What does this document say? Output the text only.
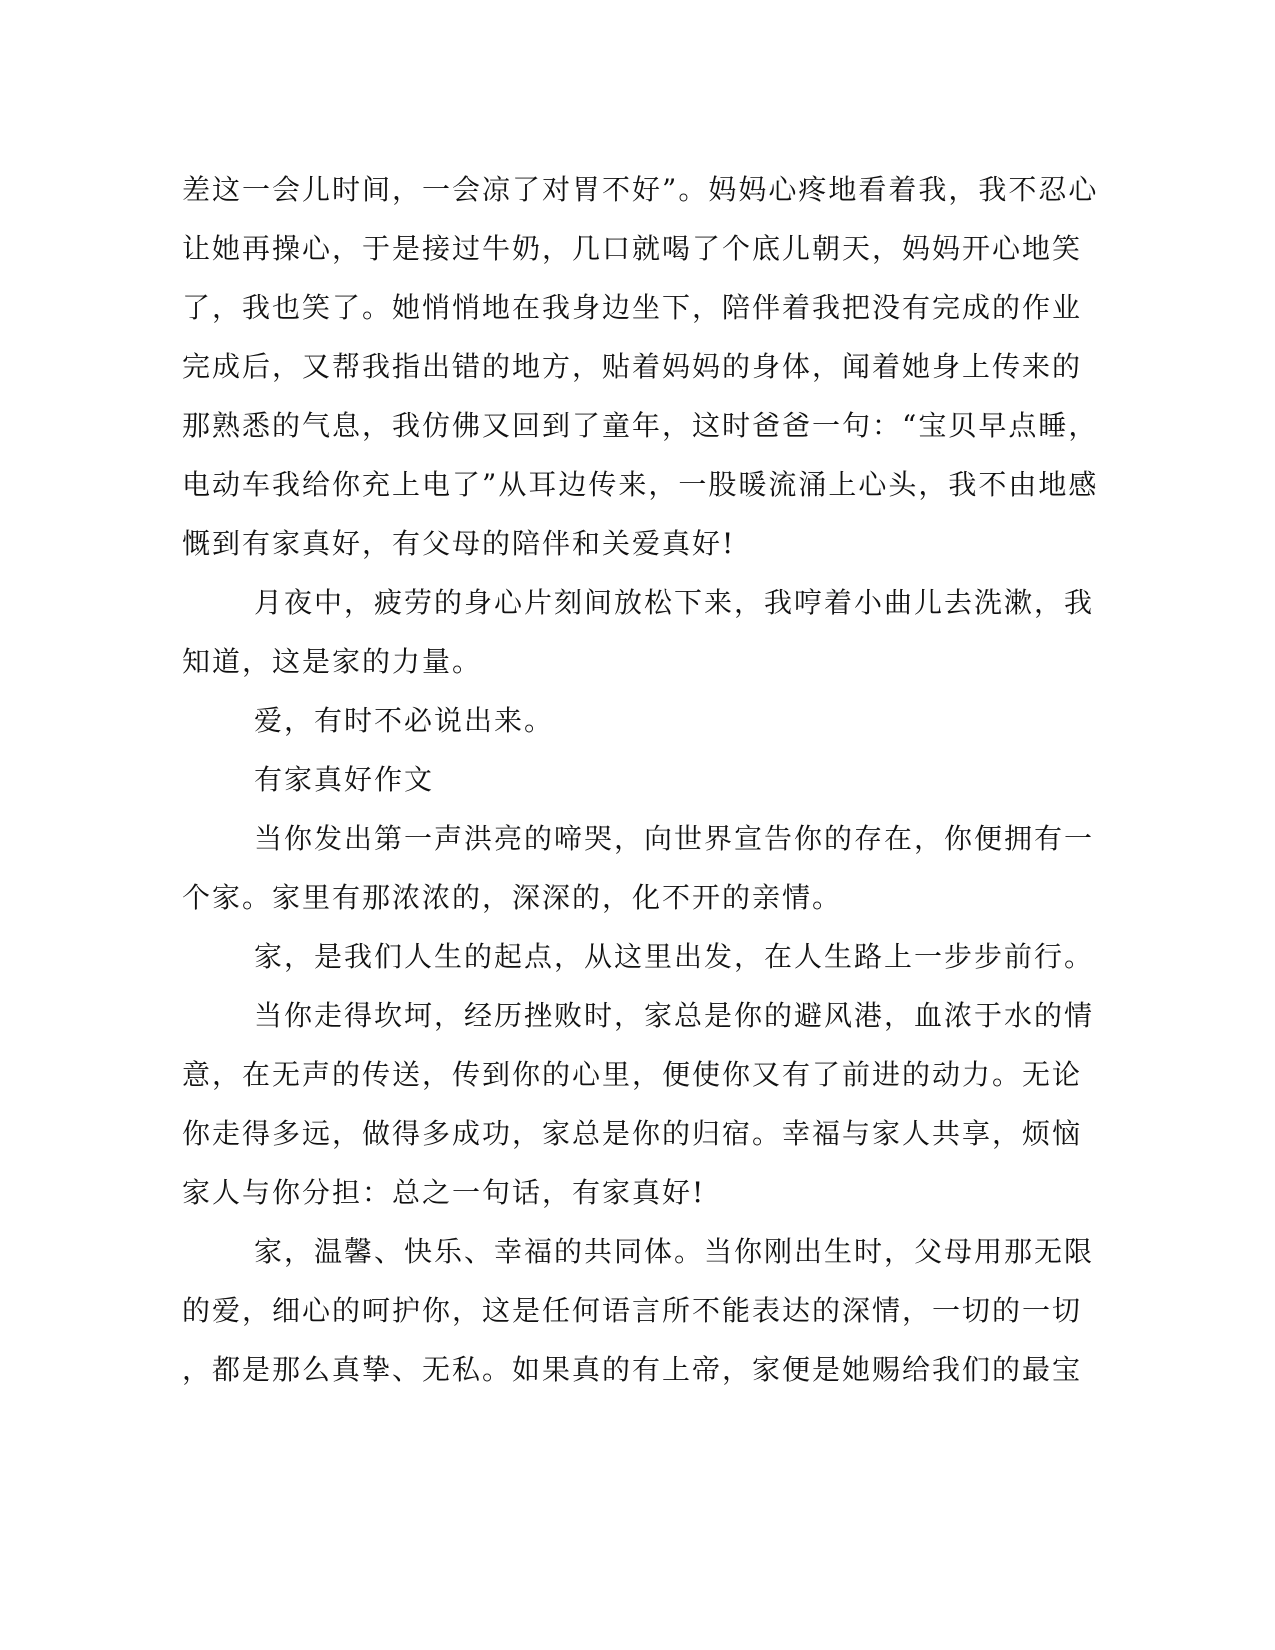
差这一会儿时间，一会凉了对胃不好”。妈妈心疼地看着我，我不忍心
让她再操心，于是接过牛奶，几口就喝了个底儿朝天，妈妈开心地笑
了，我也笑了。她悄悄地在我身边坐下，陪伴着我把没有完成的作业
完成后，又帮我指出错的地方，贴着妈妈的身体，闻着她身上传来的
那熟悉的气息，我仿佛又回到了童年，这时爸爸一句：“宝贝早点睡，
电动车我给你充上电了”从耳边传来，一股暖流涌上心头，我不由地感
慨到有家真好，有父母的陪伴和关爱真好!
月夜中，疲劳的身心片刻间放松下来，我哼着小曲儿去洗漱，我
知道，这是家的力量。
爱，有时不必说出来。
有家真好作文
当你发出第一声洪亮的啼哭，向世界宣告你的存在，你便拥有一
个家。家里有那浓浓的，深深的，化不开的亲情。
家，是我们人生的起点，从这里出发，在人生路上一步步前行。
当你走得坎坷，经历挫败时，家总是你的避风港，血浓于水的情
意，在无声的传送，传到你的心里，便使你又有了前进的动力。无论
你走得多远，做得多成功，家总是你的归宿。幸福与家人共享，烦恼
家人与你分担：总之一句话，有家真好!
家，温馨、快乐、幸福的共同体。当你刚出生时，父母用那无限
的爱，细心的呵护你，这是任何语言所不能表达的深情，一切的一切
，都是那么真挚、无私。如果真的有上帝，家便是她赐给我们的最宝
